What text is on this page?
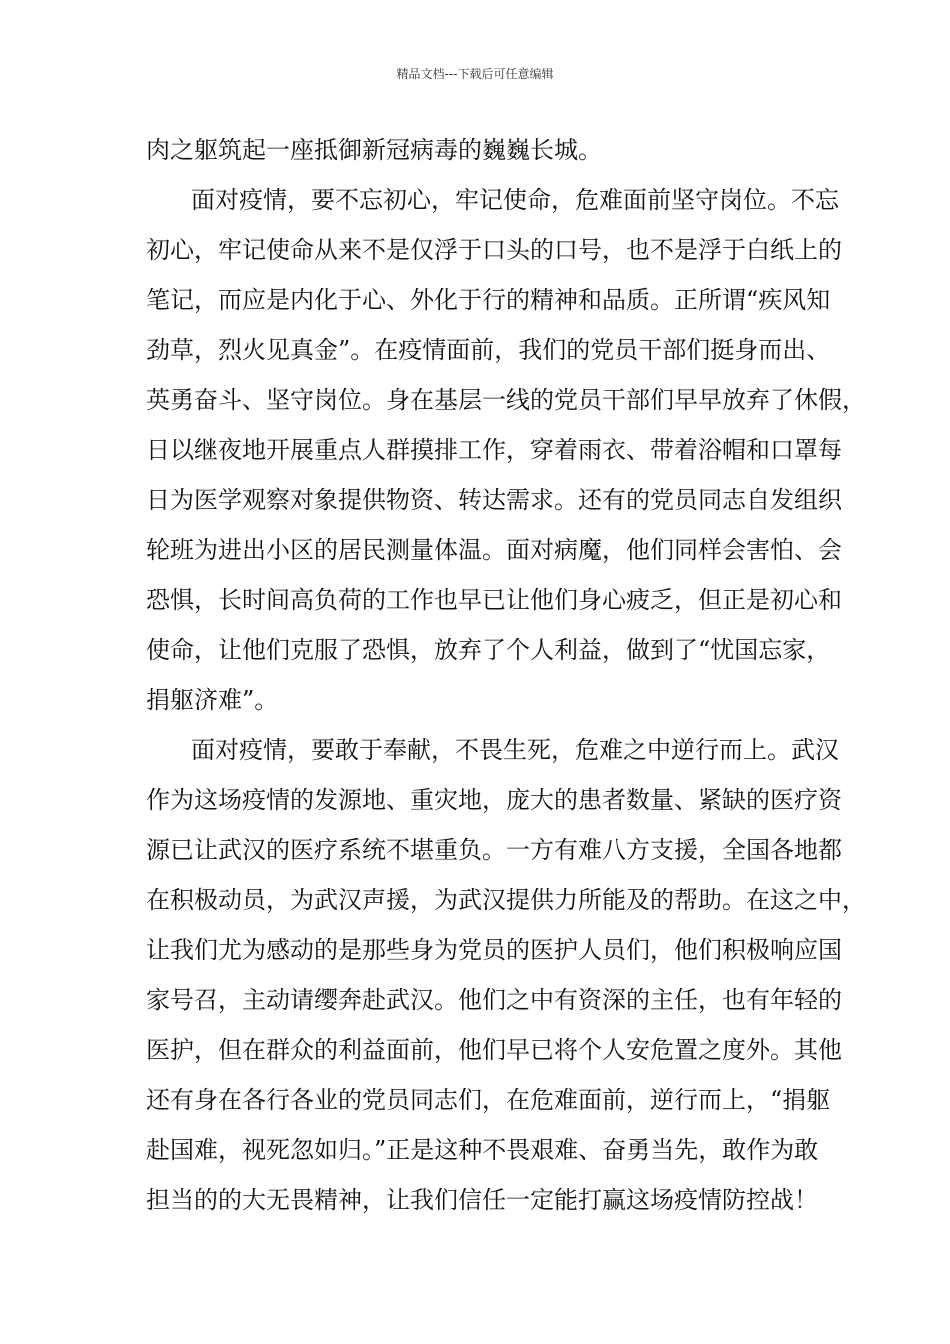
精品文档---下载后可任意编辑
肉之躯筑起一座抵御新冠病毒的巍巍长城。
面对疫情，要不忘初心，牢记使命，危难面前坚守岗位。不忘
初心，牢记使命从来不是仅浮于口头的口号，也不是浮于白纸上的
笔记，而应是内化于心、外化于行的精神和品质。正所谓“疾风知
劲草，烈火见真金”。在疫情面前，我们的党员干部们挺身而出、
英勇奋斗、坚守岗位。身在基层一线的党员干部们早早放弃了休假，
日以继夜地开展重点人群摸排工作，穿着雨衣、带着浴帽和口罩每
日为医学观察对象提供物资、转达需求。还有的党员同志自发组织
轮班为进出小区的居民测量体温。面对病魔，他们同样会害怕、会
恐惧，长时间高负荷的工作也早已让他们身心疲乏，但正是初心和
使命，让他们克服了恐惧，放弃了个人利益，做到了“忧国忘家，
捐躯济难”。
面对疫情，要敢于奉献，不畏生死，危难之中逆行而上。武汉
作为这场疫情的发源地、重灾地，庞大的患者数量、紧缺的医疗资
源已让武汉的医疗系统不堪重负。一方有难八方支援，全国各地都
在积极动员，为武汉声援，为武汉提供力所能及的帮助。在这之中，
让我们尤为感动的是那些身为党员的医护人员们，他们积极响应国
家号召，主动请缨奔赴武汉。他们之中有资深的主任，也有年轻的
医护，但在群众的利益面前，他们早已将个人安危置之度外。其他
还有身在各行各业的党员同志们，在危难面前，逆行而上，“捐躯
赴国难，视死忽如归。”正是这种不畏艰难、奋勇当先，敢作为敢
担当的的大无畏精神，让我们信任一定能打赢这场疫情防控战！
